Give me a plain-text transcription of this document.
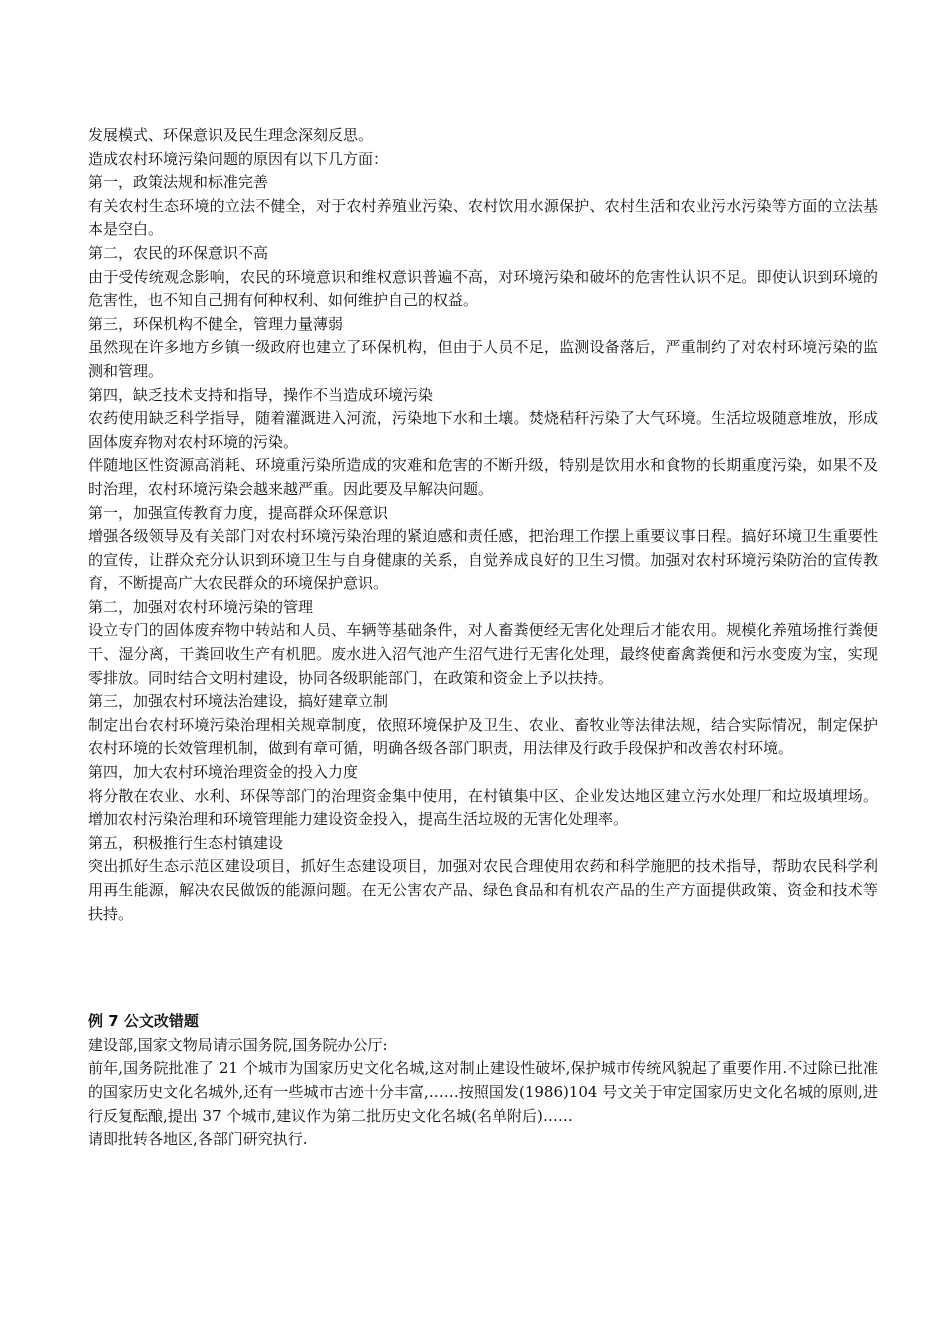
发展模式、环保意识及民生理念深刻反思。

造成农村环境污染问题的原因有以下几方面：

第一，政策法规和标准完善

有关农村生态环境的立法不健全，对于农村养殖业污染、农村饮用水源保护、农村生活和农业污水污染等方面的立法基本是空白。

第二，农民的环保意识不高

由于受传统观念影响，农民的环境意识和维权意识普遍不高，对环境污染和破坏的危害性认识不足。即使认识到环境的危害性，也不知自己拥有何种权利、如何维护自己的权益。

第三，环保机构不健全，管理力量薄弱

虽然现在许多地方乡镇一级政府也建立了环保机构，但由于人员不足，监测设备落后，严重制约了对农村环境污染的监测和管理。

第四，缺乏技术支持和指导，操作不当造成环境污染

农药使用缺乏科学指导，随着灌溉进入河流，污染地下水和土壤。焚烧秸秆污染了大气环境。生活垃圾随意堆放，形成固体废弃物对农村环境的污染。

伴随地区性资源高消耗、环境重污染所造成的灾难和危害的不断升级，特别是饮用水和食物的长期重度污染，如果不及时治理，农村环境污染会越来越严重。因此要及早解决问题。

第一，加强宣传教育力度，提高群众环保意识

增强各级领导及有关部门对农村环境污染治理的紧迫感和责任感，把治理工作摆上重要议事日程。搞好环境卫生重要性的宣传，让群众充分认识到环境卫生与自身健康的关系，自觉养成良好的卫生习惯。加强对农村环境污染防治的宣传教育，不断提高广大农民群众的环境保护意识。

第二，加强对农村环境污染的管理

设立专门的固体废弃物中转站和人员、车辆等基础条件，对人畜粪便经无害化处理后才能农用。规模化养殖场推行粪便干、湿分离，干粪回收生产有机肥。废水进入沼气池产生沼气进行无害化处理，最终使畜禽粪便和污水变废为宝，实现零排放。同时结合文明村建设，协同各级职能部门，在政策和资金上予以扶持。

第三，加强农村环境法治建设，搞好建章立制

制定出台农村环境污染治理相关规章制度，依照环境保护及卫生、农业、畜牧业等法律法规，结合实际情况，制定保护农村环境的长效管理机制，做到有章可循，明确各级各部门职责，用法律及行政手段保护和改善农村环境。

第四，加大农村环境治理资金的投入力度

将分散在农业、水利、环保等部门的治理资金集中使用，在村镇集中区、企业发达地区建立污水处理厂和垃圾填埋场。增加农村污染治理和环境管理能力建设资金投入，提高生活垃圾的无害化处理率。

第五，积极推行生态村镇建设

突出抓好生态示范区建设项目，抓好生态建设项目，加强对农民合理使用农药和科学施肥的技术指导，帮助农民科学利用再生能源，解决农民做饭的能源问题。在无公害农产品、绿色食品和有机农产品的生产方面提供政策、资金和技术等扶持。

例 7 公文改错题

建设部,国家文物局请示国务院,国务院办公厅:

前年,国务院批准了 21 个城市为国家历史文化名城,这对制止建设性破坏,保护城市传统风貌起了重要作用.不过除已批准的国家历史文化名城外,还有一些城市古迹十分丰富,……按照国发(1986)104 号文关于审定国家历史文化名城的原则,进行反复酝酿,提出 37 个城市,建议作为第二批历史文化名城(名单附后)……

请即批转各地区,各部门研究执行.
